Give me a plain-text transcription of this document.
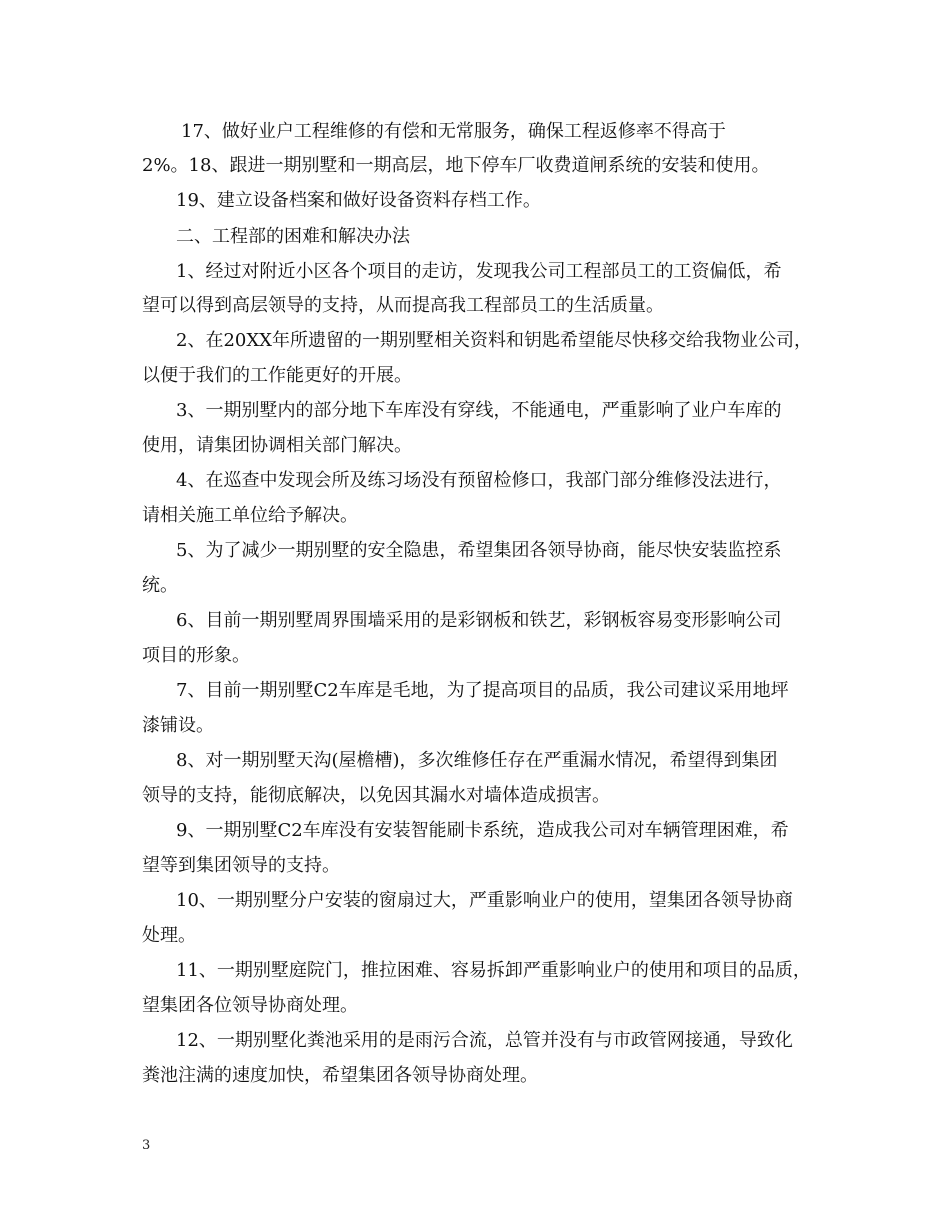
17、做好业户工程维修的有偿和无常服务，确保工程返修率不得高于
2%。18、跟进一期别墅和一期高层，地下停车厂收费道闸系统的安装和使用。
19、建立设备档案和做好设备资料存档工作。
二、工程部的困难和解决办法
1、经过对附近小区各个项目的走访，发现我公司工程部员工的工资偏低，希
望可以得到高层领导的支持，从而提高我工程部员工的生活质量。
2、在20XX年所遗留的一期别墅相关资料和钥匙希望能尽快移交给我物业公司，
以便于我们的工作能更好的开展。
3、一期别墅内的部分地下车库没有穿线，不能通电，严重影响了业户车库的
使用，请集团协调相关部门解决。
4、在巡查中发现会所及练习场没有预留检修口，我部门部分维修没法进行，
请相关施工单位给予解决。
5、为了减少一期别墅的安全隐患，希望集团各领导协商，能尽快安装监控系
统。
6、目前一期别墅周界围墙采用的是彩钢板和铁艺，彩钢板容易变形影响公司
项目的形象。
7、目前一期别墅C2车库是毛地，为了提高项目的品质，我公司建议采用地坪
漆铺设。
8、对一期别墅天沟(屋檐槽)，多次维修任存在严重漏水情况，希望得到集团
领导的支持，能彻底解决，以免因其漏水对墙体造成损害。
9、一期别墅C2车库没有安装智能刷卡系统，造成我公司对车辆管理困难，希
望等到集团领导的支持。
10、一期别墅分户安装的窗扇过大，严重影响业户的使用，望集团各领导协商
处理。
11、一期别墅庭院门，推拉困难、容易拆卸严重影响业户的使用和项目的品质，
望集团各位领导协商处理。
12、一期别墅化粪池采用的是雨污合流，总管并没有与市政管网接通，导致化
粪池注满的速度加快，希望集团各领导协商处理。
3
